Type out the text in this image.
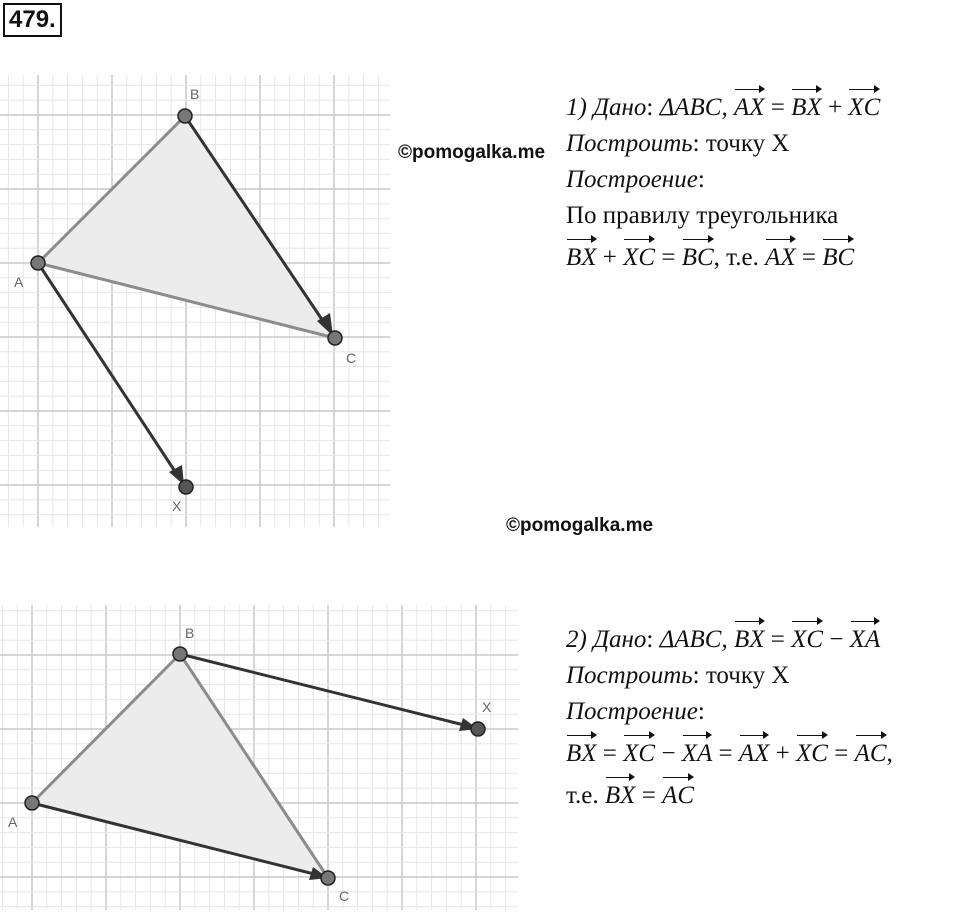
479.
A
B
C
X
©pomogalka.me
©pomogalka.me
1) Дано: ΔABC, AX = BX + XC
Построить: точку X
Построение:
По правилу треугольника
BX + XC = BC, т.е. AX = BC
A
B
C
X
2) Дано: ΔABC, BX = XC − XA
Построить: точку X
Построение:
BX = XC − XA = AX + XC = AC,
т.е. BX = AC
